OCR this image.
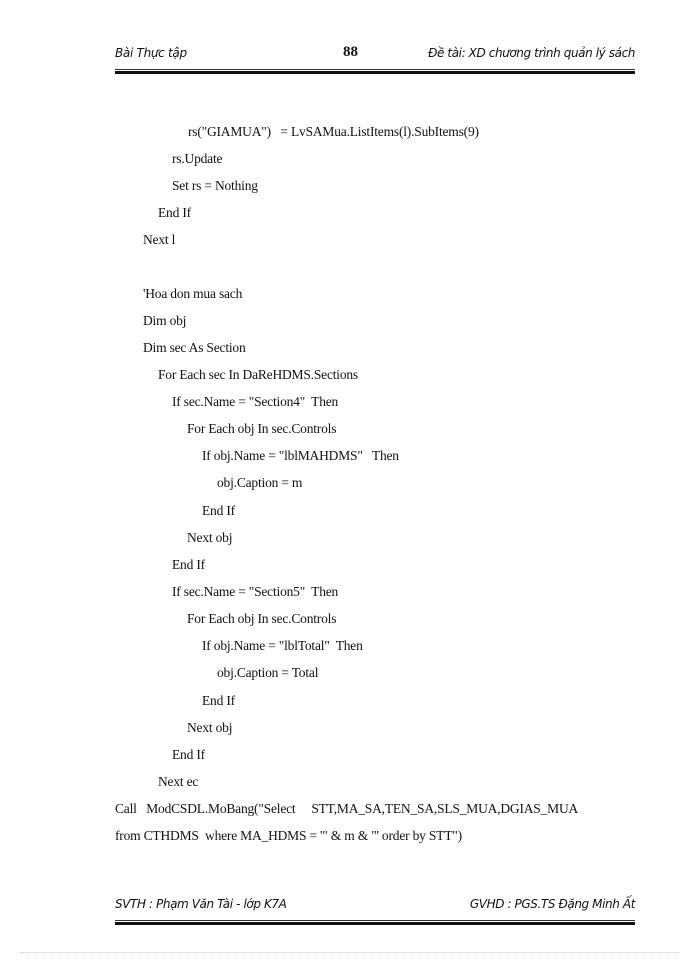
Bài Thực tập	88	Đề tài: XD chương trình quản lý sách
rs("GIAMUA")   = LvSAMua.ListItems(l).SubItems(9)
rs.Update
Set rs = Nothing
End If
Next l
'Hoa don mua sach
Dim obj
Dim sec As Section
For Each sec In DaReHDMS.Sections
If sec.Name = "Section4"  Then
For Each obj In sec.Controls
If obj.Name = "lblMAHDMS"   Then
obj.Caption = m
End If
Next obj
End If
If sec.Name = "Section5"  Then
For Each obj In sec.Controls
If obj.Name = "lblTotal"  Then
obj.Caption = Total
End If
Next obj
End If
Next ec
Call   ModCSDL.MoBang("Select     STT,MA_SA,TEN_SA,SLS_MUA,DGIAS_MUA
from CTHDMS  where MA_HDMS = '" & m & "' order by STT")
SVTH : Phạm Văn Tài - lớp K7A	GVHD : PGS.TS Đặng Minh Ất
